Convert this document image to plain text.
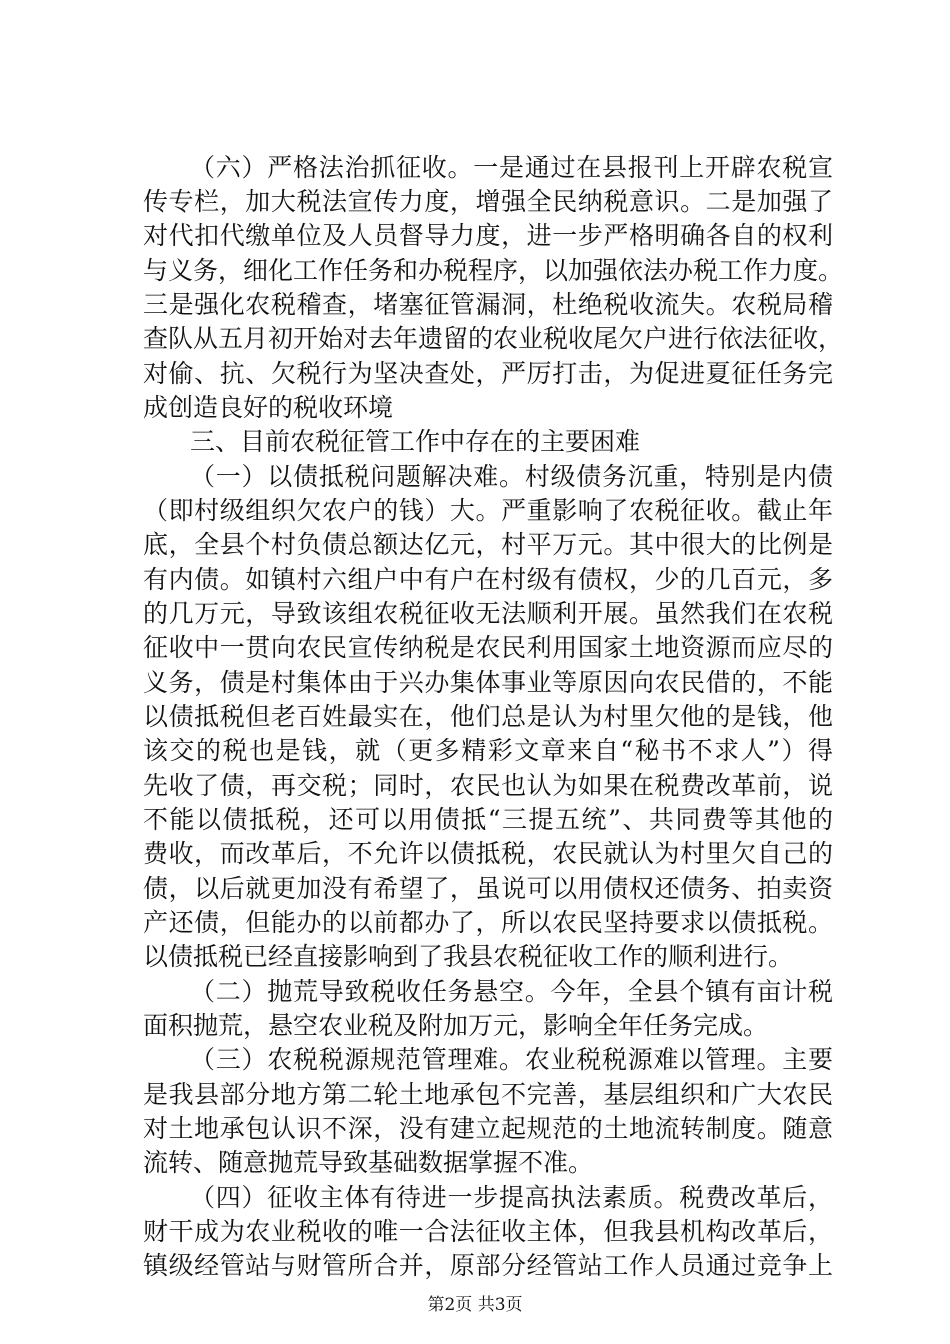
（六）严格法治抓征收。一是通过在县报刊上开辟农税宣
传专栏，加大税法宣传力度，增强全民纳税意识。二是加强了
对代扣代缴单位及人员督导力度，进一步严格明确各自的权利
与义务，细化工作任务和办税程序，以加强依法办税工作力度。
三是强化农税稽查，堵塞征管漏洞，杜绝税收流失。农税局稽
查队从五月初开始对去年遗留的农业税收尾欠户进行依法征收，
对偷、抗、欠税行为坚决查处，严厉打击，为促进夏征任务完
成创造良好的税收环境
三、目前农税征管工作中存在的主要困难
（一）以债抵税问题解决难。村级债务沉重，特别是内债
（即村级组织欠农户的钱）大。严重影响了农税征收。截止年
底，全县个村负债总额达亿元，村平万元。其中很大的比例是
有内债。如镇村六组户中有户在村级有债权，少的几百元，多
的几万元，导致该组农税征收无法顺利开展。虽然我们在农税
征收中一贯向农民宣传纳税是农民利用国家土地资源而应尽的
义务，债是村集体由于兴办集体事业等原因向农民借的，不能
以债抵税但老百姓最实在，他们总是认为村里欠他的是钱，他
该交的税也是钱，就（更多精彩文章来自“秘书不求人”）得
先收了债，再交税；同时，农民也认为如果在税费改革前，说
不能以债抵税，还可以用债抵“三提五统”、共同费等其他的
费收，而改革后，不允许以债抵税，农民就认为村里欠自己的
债，以后就更加没有希望了，虽说可以用债权还债务、拍卖资
产还债，但能办的以前都办了，所以农民坚持要求以债抵税。
以债抵税已经直接影响到了我县农税征收工作的顺利进行。
（二）抛荒导致税收任务悬空。今年，全县个镇有亩计税
面积抛荒，悬空农业税及附加万元，影响全年任务完成。
（三）农税税源规范管理难。农业税税源难以管理。主要
是我县部分地方第二轮土地承包不完善，基层组织和广大农民
对土地承包认识不深，没有建立起规范的土地流转制度。随意
流转、随意抛荒导致基础数据掌握不准。
（四）征收主体有待进一步提高执法素质。税费改革后，
财干成为农业税收的唯一合法征收主体，但我县机构改革后，
镇级经管站与财管所合并，原部分经管站工作人员通过竞争上
第2页 共3页
